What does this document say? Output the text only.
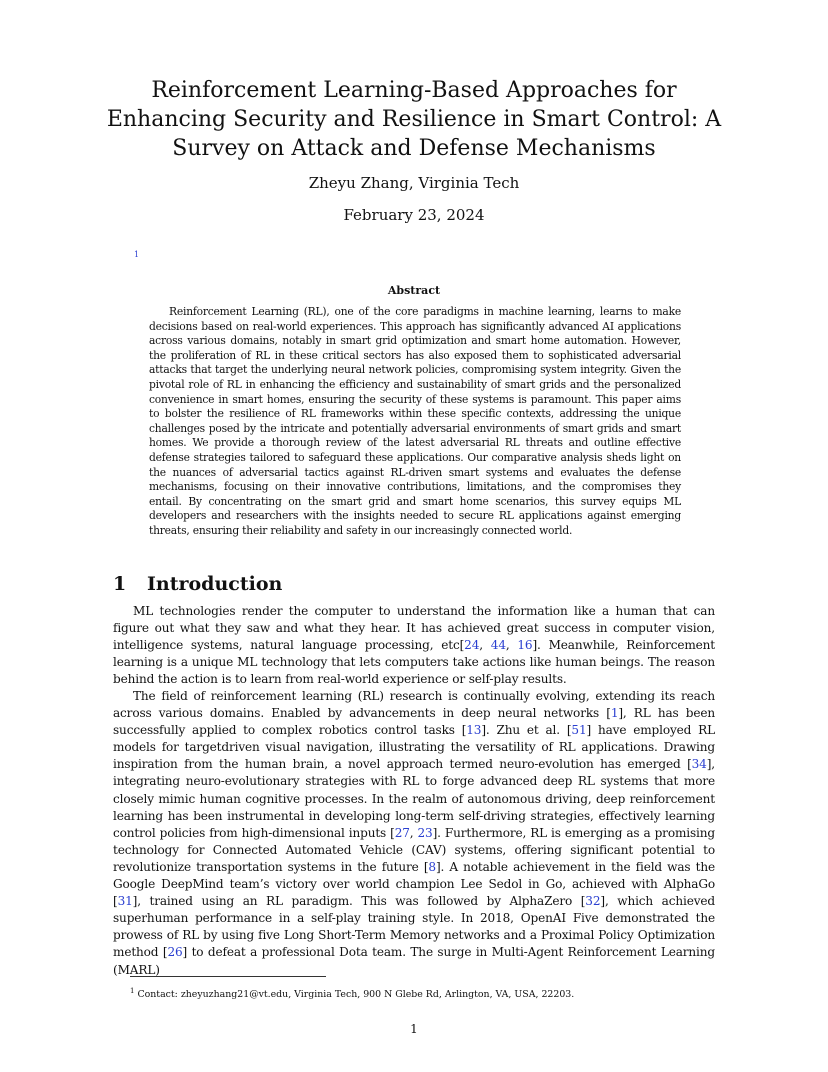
Reinforcement Learning-Based Approaches for Enhancing Security and Resilience in Smart Control: A Survey on Attack and Defense Mechanisms
Zheyu Zhang, Virginia Tech
February 23, 2024
1
Abstract

Reinforcement Learning (RL), one of the core paradigms in machine learning, learns to make decisions based on real-world experiences. This approach has significantly advanced AI applications across various domains, notably in smart grid optimization and smart home automation. However, the proliferation of RL in these critical sectors has also exposed them to sophisticated adversarial attacks that target the underlying neural network policies, compromising system integrity. Given the pivotal role of RL in enhancing the efficiency and sustainability of smart grids and the personalized convenience in smart homes, ensuring the security of these systems is paramount. This paper aims to bolster the resilience of RL frameworks within these specific contexts, addressing the unique challenges posed by the intricate and potentially adversarial environments of smart grids and smart homes. We provide a thorough review of the latest adversarial RL threats and outline effective defense strategies tailored to safeguard these applications. Our comparative analysis sheds light on the nuances of adversarial tactics against RL-driven smart systems and evaluates the defense mechanisms, focusing on their innovative contributions, limitations, and the compromises they entail. By concentrating on the smart grid and smart home scenarios, this survey equips ML developers and researchers with the insights needed to secure RL applications against emerging threats, ensuring their reliability and safety in our increasingly connected world.

1 Introduction

ML technologies render the computer to understand the information like a human that can figure out what they saw and what they hear. It has achieved great success in computer vision, intelligence systems, natural language processing, etc[24, 44, 16]. Meanwhile, Reinforcement learning is a unique ML technology that lets computers take actions like human beings. The reason behind the action is to learn from real-world experience or self-play results.

The field of reinforcement learning (RL) research is continually evolving, extending its reach across various domains. Enabled by advancements in deep neural networks [1], RL has been successfully applied to complex robotics control tasks [13]. Zhu et al. [51] have employed RL models for targetdriven visual navigation, illustrating the versatility of RL applications. Drawing inspiration from the human brain, a novel approach termed neuro-evolution has emerged [34], integrating neuro-evolutionary strategies with RL to forge advanced deep RL systems that more closely mimic human cognitive processes. In the realm of autonomous driving, deep reinforcement learning has been instrumental in developing long-term self-driving strategies, effectively learning control policies from high-dimensional inputs [27, 23]. Furthermore, RL is emerging as a promising technology for Connected Automated Vehicle (CAV) systems, offering significant potential to revolutionize transportation systems in the future [8]. A notable achievement in the field was the Google DeepMind team’s victory over world champion Lee Sedol in Go, achieved with AlphaGo [31], trained using an RL paradigm. This was followed by AlphaZero [32], which achieved superhuman performance in a self-play training style. In 2018, OpenAI Five demonstrated the prowess of RL by using five Long Short-Term Memory networks and a Proximal Policy Optimization method [26] to defeat a professional Dota team. The surge in Multi-Agent Reinforcement Learning (MARL)

$^1$ Contact: zheyuzhang21@vt.edu, Virginia Tech, 900 N Glebe Rd, Arlington, VA, USA, 22203.
1
